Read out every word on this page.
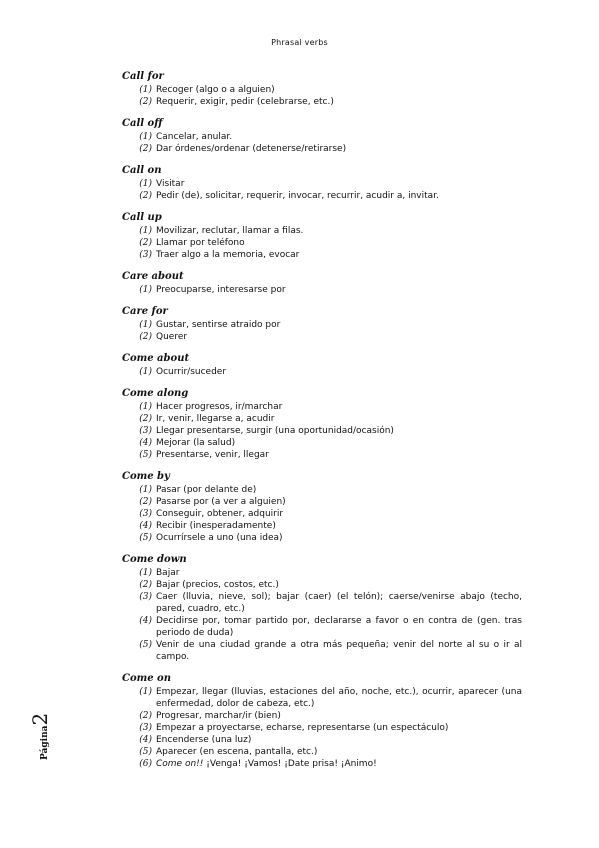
Phrasal verbs
Call for
(1) Recoger (algo o a alguien)
(2) Requerir, exigir, pedir (celebrarse, etc.)
Call off
(1) Cancelar, anular.
(2) Dar órdenes/ordenar (detenerse/retirarse)
Call on
(1) Visitar
(2) Pedir (de), solicitar, requerir, invocar, recurrir, acudir a, invitar.
Call up
(1) Movilizar, reclutar, llamar a filas.
(2) Llamar por teléfono
(3) Traer algo a la memoria, evocar
Care about
(1) Preocuparse, interesarse por
Care for
(1) Gustar, sentirse atraido por
(2) Querer
Come about
(1) Ocurrir/suceder
Come along
(1) Hacer progresos, ir/marchar
(2) Ir, venir, llegarse a, acudir
(3) Llegar presentarse, surgir (una oportunidad/ocasión)
(4) Mejorar (la salud)
(5) Presentarse, venir, llegar
Come by
(1) Pasar (por delante de)
(2) Pasarse por (a ver a alguien)
(3) Conseguir, obtener, adquirir
(4) Recibir (inesperadamente)
(5) Ocurrírsele a uno (una idea)
Come down
(1) Bajar
(2) Bajar (precios, costos, etc.)
(3) Caer (lluvia, nieve, sol); bajar (caer) (el telón); caerse/venirse abajo (techo, pared, cuadro, etc.)
(4) Decidirse por, tomar partido por, declararse a favor o en contra de (gen. tras periodo de duda)
(5) Venir de una ciudad grande a otra más pequeña; venir del norte al su o ir al campo.
Come on
(1) Empezar, llegar (lluvias, estaciones del año, noche, etc.), ocurrir, aparecer (una enfermedad, dolor de cabeza, etc.)
(2) Progresar, marchar/ir (bien)
(3) Empezar a proyectarse, echarse, representarse (un espectáculo)
(4) Encenderse (una luz)
(5) Aparecer (en escena, pantalla, etc.)
(6) Come on!! ¡Venga! ¡Vamos! ¡Date prisa! ¡Animo!
Página2
